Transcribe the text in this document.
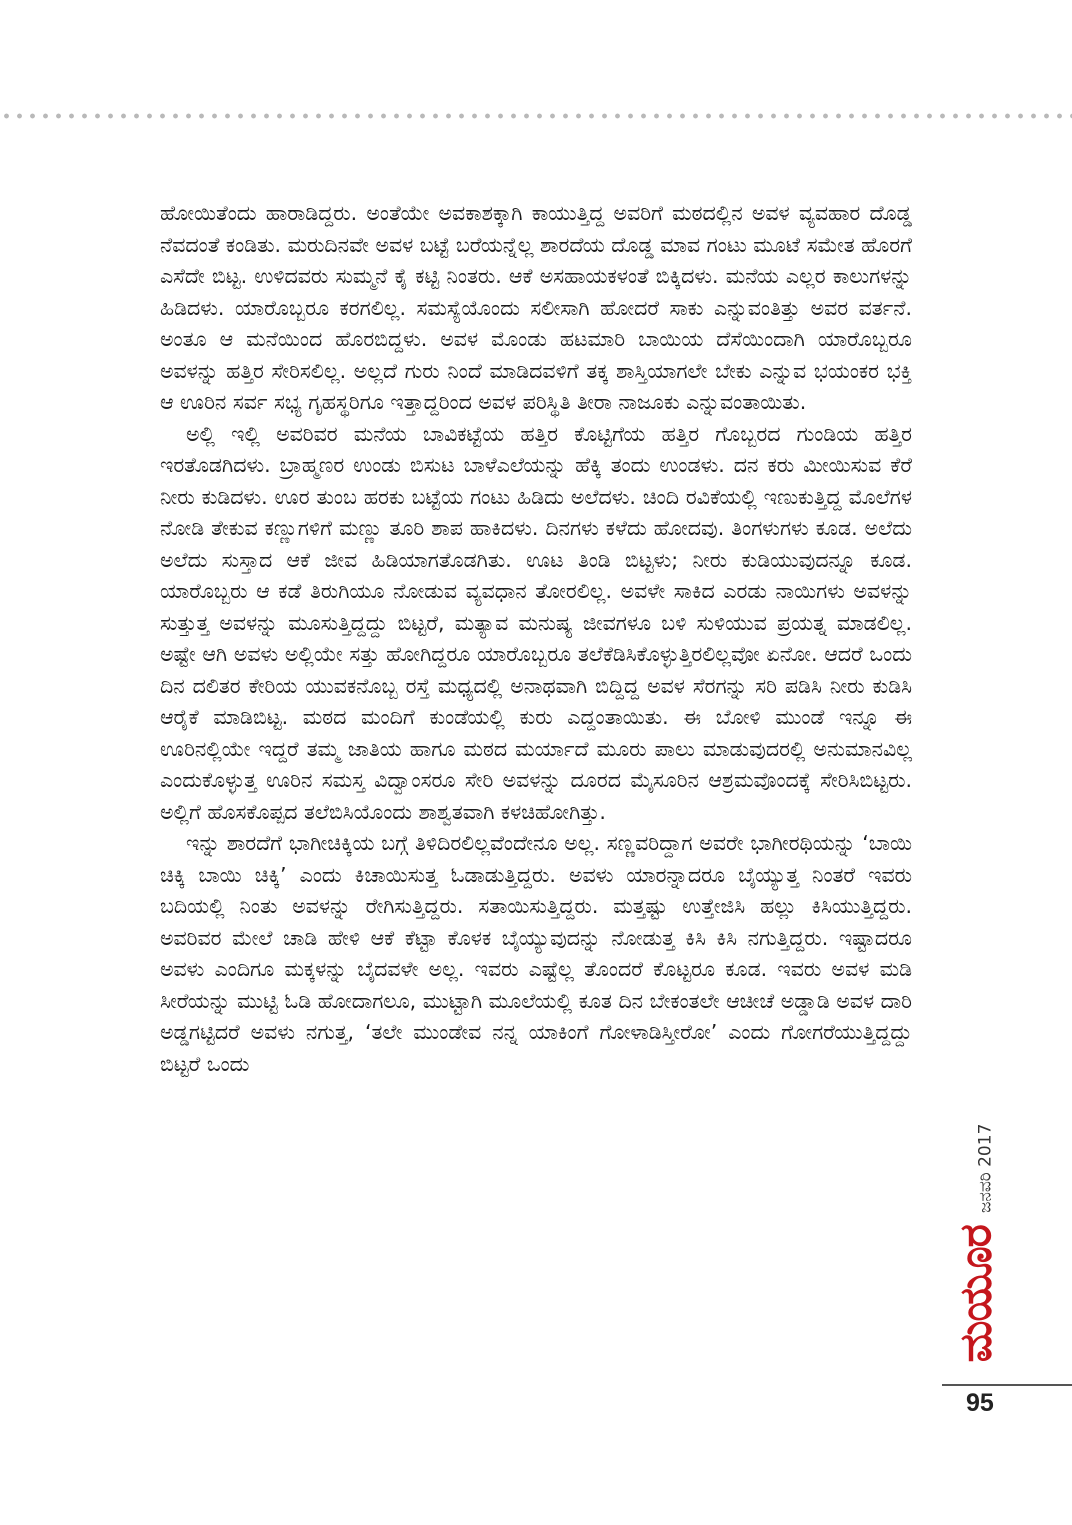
ಹೋಯಿತೆಂದು ಹಾರಾಡಿದ್ದರು. ಅಂತೆಯೇ ಅವಕಾಶಕ್ಕಾಗಿ ಕಾಯುತ್ತಿದ್ದ ಅವರಿಗೆ ಮಠದಲ್ಲಿನ ಅವಳ ವ್ಯವಹಾರ ದೊಡ್ಡ ನೆವದಂತೆ ಕಂಡಿತು. ಮರುದಿನವೇ ಅವಳ ಬಟ್ಟೆ ಬರೆಯನ್ನೆಲ್ಲ ಶಾರದೆಯ ದೊಡ್ಡ ಮಾವ ಗಂಟು ಮೂಟೆ ಸಮೇತ ಹೊರಗೆ ಎಸೆದೇ ಬಿಟ್ಟ. ಉಳಿದವರು ಸುಮ್ಮನೆ ಕೈ ಕಟ್ಟಿ ನಿಂತರು. ಆಕೆ ಅಸಹಾಯಕಳಂತೆ ಬಿಕ್ಕಿದಳು. ಮನೆಯ ಎಲ್ಲರ ಕಾಲುಗಳನ್ನು ಹಿಡಿದಳು. ಯಾರೊಬ್ಬರೂ ಕರಗಲಿಲ್ಲ. ಸಮಸ್ಯೆಯೊಂದು ಸಲೀಸಾಗಿ ಹೋದರೆ ಸಾಕು ಎನ್ನುವಂತಿತ್ತು ಅವರ ವರ್ತನೆ. ಅಂತೂ ಆ ಮನೆಯಿಂದ ಹೊರಬಿದ್ದಳು. ಅವಳ ಮೊಂಡು ಹಟಮಾರಿ ಬಾಯಿಯ ದೆಸೆಯಿಂದಾಗಿ ಯಾರೊಬ್ಬರೂ ಅವಳನ್ನು ಹತ್ತಿರ ಸೇರಿಸಲಿಲ್ಲ. ಅಲ್ಲದೆ ಗುರು ನಿಂದೆ ಮಾಡಿದವಳಿಗೆ ತಕ್ಕ ಶಾಸ್ತಿಯಾಗಲೇ ಬೇಕು ಎನ್ನುವ ಭಯಂಕರ ಭಕ್ತಿ ಆ ಊರಿನ ಸರ್ವ ಸಭ್ಯ ಗೃಹಸ್ಥರಿಗೂ ಇತ್ತಾದ್ದರಿಂದ ಅವಳ ಪರಿಸ್ಥಿತಿ ತೀರಾ ನಾಜೂಕು ಎನ್ನುವಂತಾಯಿತು.

ಅಲ್ಲಿ ಇಲ್ಲಿ ಅವರಿವರ ಮನೆಯ ಬಾವಿಕಟ್ಟೆಯ ಹತ್ತಿರ ಕೊಟ್ಟಿಗೆಯ ಹತ್ತಿರ ಗೊಬ್ಬರದ ಗುಂಡಿಯ ಹತ್ತಿರ ಇರತೊಡಗಿದಳು. ಬ್ರಾಹ್ಮಣರ ಉಂಡು ಬಿಸುಟ ಬಾಳೆಎಲೆಯನ್ನು ಹೆಕ್ಕಿ ತಂದು ಉಂಡಳು. ದನ ಕರು ಮೀಯಿಸುವ ಕೆರೆ ನೀರು ಕುಡಿದಳು. ಊರ ತುಂಬ ಹರಕು ಬಟ್ಟೆಯ ಗಂಟು ಹಿಡಿದು ಅಲೆದಳು. ಚಿಂದಿ ರವಿಕೆಯಲ್ಲಿ ಇಣುಕುತ್ತಿದ್ದ ಮೊಲೆಗಳ ನೋಡಿ ತೇಕುವ ಕಣ್ಣುಗಳಿಗೆ ಮಣ್ಣು ತೂರಿ ಶಾಪ ಹಾಕಿದಳು. ದಿನಗಳು ಕಳೆದು ಹೋದವು. ತಿಂಗಳುಗಳು ಕೂಡ. ಅಲೆದು ಅಲೆದು ಸುಸ್ತಾದ ಆಕೆ ಜೀವ ಹಿಡಿಯಾಗತೊಡಗಿತು. ಊಟ ತಿಂಡಿ ಬಿಟ್ಟಳು; ನೀರು ಕುಡಿಯುವುದನ್ನೂ ಕೂಡ. ಯಾರೊಬ್ಬರು ಆ ಕಡೆ ತಿರುಗಿಯೂ ನೋಡುವ ವ್ಯವಧಾನ ತೋರಲಿಲ್ಲ. ಅವಳೇ ಸಾಕಿದ ಎರಡು ನಾಯಿಗಳು ಅವಳನ್ನು ಸುತ್ತುತ್ತ ಅವಳನ್ನು ಮೂಸುತ್ತಿದ್ದದ್ದು ಬಿಟ್ಟರೆ, ಮತ್ಯಾವ ಮನುಷ್ಯ ಜೀವಗಳೂ ಬಳಿ ಸುಳಿಯುವ ಪ್ರಯತ್ನ ಮಾಡಲಿಲ್ಲ. ಅಷ್ಟೇ ಆಗಿ ಅವಳು ಅಲ್ಲಿಯೇ ಸತ್ತು ಹೋಗಿದ್ದರೂ ಯಾರೊಬ್ಬರೂ ತಲೆಕೆಡಿಸಿಕೊಳ್ಳುತ್ತಿರಲಿಲ್ಲವೋ ಏನೋ. ಆದರೆ ಒಂದು ದಿನ ದಲಿತರ ಕೇರಿಯ ಯುವಕನೊಬ್ಬ ರಸ್ತೆ ಮಧ್ಯದಲ್ಲಿ ಅನಾಥವಾಗಿ ಬಿದ್ದಿದ್ದ ಅವಳ ಸೆರಗನ್ನು ಸರಿ ಪಡಿಸಿ ನೀರು ಕುಡಿಸಿ ಆರೈಕೆ ಮಾಡಿಬಿಟ್ಟ. ಮಠದ ಮಂದಿಗೆ ಕುಂಡೆಯಲ್ಲಿ ಕುರು ಎದ್ದಂತಾಯಿತು. ಈ ಬೋಳಿ ಮುಂಡೆ ಇನ್ನೂ ಈ ಊರಿನಲ್ಲಿಯೇ ಇದ್ದರೆ ತಮ್ಮ ಜಾತಿಯ ಹಾಗೂ ಮಠದ ಮರ್ಯಾದೆ ಮೂರು ಪಾಲು ಮಾಡುವುದರಲ್ಲಿ ಅನುಮಾನವಿಲ್ಲ ಎಂದುಕೊಳ್ಳುತ್ತ ಊರಿನ ಸಮಸ್ತ ವಿದ್ವಾಂಸರೂ ಸೇರಿ ಅವಳನ್ನು ದೂರದ ಮೈಸೂರಿನ ಆಶ್ರಮವೊಂದಕ್ಕೆ ಸೇರಿಸಿಬಿಟ್ಟರು. ಅಲ್ಲಿಗೆ ಹೊಸಕೊಪ್ಪದ ತಲೆಬಿಸಿಯೊಂದು ಶಾಶ್ವತವಾಗಿ ಕಳಚಿಹೋಗಿತ್ತು.

ಇನ್ನು ಶಾರದೆಗೆ ಭಾಗೀಚಿಕ್ಕಿಯ ಬಗ್ಗೆ ತಿಳಿದಿರಲಿಲ್ಲವೆಂದೇನೂ ಅಲ್ಲ. ಸಣ್ಣವರಿದ್ದಾಗ ಅವರೇ ಭಾಗೀರಥಿಯನ್ನು ‘ಬಾಯಿ ಚಿಕ್ಕಿ ಬಾಯಿ ಚಿಕ್ಕಿ’ ಎಂದು ಕಿಚಾಯಿಸುತ್ತ ಓಡಾಡುತ್ತಿದ್ದರು. ಅವಳು ಯಾರನ್ನಾದರೂ ಬೈಯ್ಯುತ್ತ ನಿಂತರೆ ಇವರು ಬದಿಯಲ್ಲಿ ನಿಂತು ಅವಳನ್ನು ರೇಗಿಸುತ್ತಿದ್ದರು. ಸತಾಯಿಸುತ್ತಿದ್ದರು. ಮತ್ತಷ್ಟು ಉತ್ತೇಜಿಸಿ ಹಲ್ಲು ಕಿಸಿಯುತ್ತಿದ್ದರು. ಅವರಿವರ ಮೇಲೆ ಚಾಡಿ ಹೇಳಿ ಆಕೆ ಕೆಟ್ಟಾ ಕೊಳಕ ಬೈಯ್ಯುವುದನ್ನು ನೋಡುತ್ತ ಕಿಸಿ ಕಿಸಿ ನಗುತ್ತಿದ್ದರು. ಇಷ್ಟಾದರೂ ಅವಳು ಎಂದಿಗೂ ಮಕ್ಕಳನ್ನು ಬೈದವಳೇ ಅಲ್ಲ. ಇವರು ಎಷ್ಟೆಲ್ಲ ತೊಂದರೆ ಕೊಟ್ಟರೂ ಕೂಡ. ಇವರು ಅವಳ ಮಡಿ ಸೀರೆಯನ್ನು ಮುಟ್ಟಿ ಓಡಿ ಹೋದಾಗಲೂ, ಮುಟ್ಟಾಗಿ ಮೂಲೆಯಲ್ಲಿ ಕೂತ ದಿನ ಬೇಕಂತಲೇ ಆಚೀಚೆ ಅಡ್ಡಾಡಿ ಅವಳ ದಾರಿ ಅಡ್ಡಗಟ್ಟಿದರೆ ಅವಳು ನಗುತ್ತ, ‘ತಲೇ ಮುಂಡೇವ ನನ್ನ ಯಾಕಿಂಗೆ ಗೋಳಾಡಿಸ್ತೀರೋ’ ಎಂದು ಗೋಗರೆಯುತ್ತಿದ್ದದ್ದು ಬಿಟ್ಟರೆ ಒಂದು

ಮಯೂರ
ಜನವರಿ 2017
95
